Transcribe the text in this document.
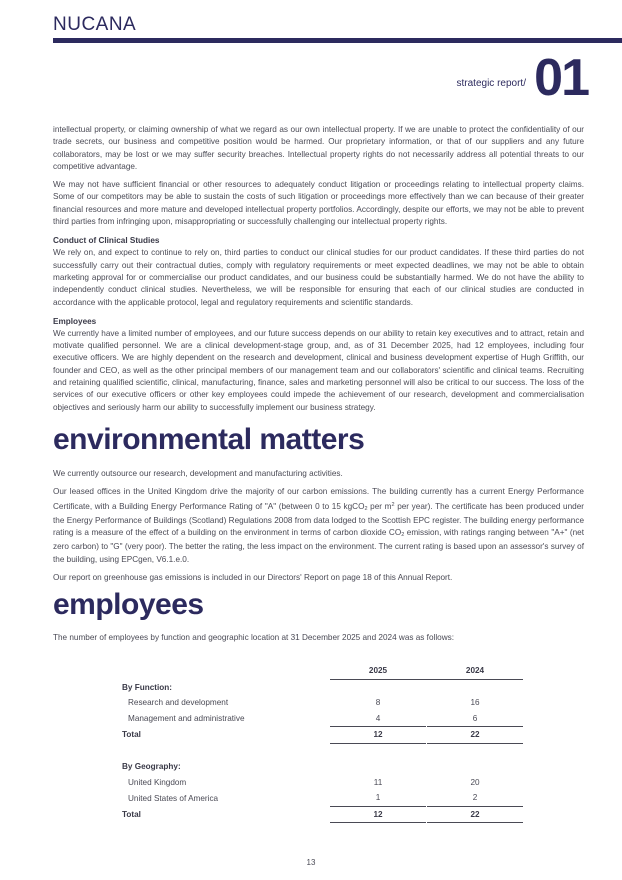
NUCANA
strategic report/ 01

intellectual property, or claiming ownership of what we regard as our own intellectual property. If we are unable to protect the confidentiality of our trade secrets, our business and competitive position would be harmed. Our proprietary information, or that of our suppliers and any future collaborators, may be lost or we may suffer security breaches. Intellectual property rights do not necessarily address all potential threats to our competitive advantage.

We may not have sufficient financial or other resources to adequately conduct litigation or proceedings relating to intellectual property claims. Some of our competitors may be able to sustain the costs of such litigation or proceedings more effectively than we can because of their greater financial resources and more mature and developed intellectual property portfolios. Accordingly, despite our efforts, we may not be able to prevent third parties from infringing upon, misappropriating or successfully challenging our intellectual property rights.

Conduct of Clinical Studies

We rely on, and expect to continue to rely on, third parties to conduct our clinical studies for our product candidates. If these third parties do not successfully carry out their contractual duties, comply with regulatory requirements or meet expected deadlines, we may not be able to obtain marketing approval for or commercialise our product candidates, and our business could be substantially harmed. We do not have the ability to independently conduct clinical studies. Nevertheless, we will be responsible for ensuring that each of our clinical studies are conducted in accordance with the applicable protocol, legal and regulatory requirements and scientific standards.

Employees

We currently have a limited number of employees, and our future success depends on our ability to retain key executives and to attract, retain and motivate qualified personnel. We are a clinical development-stage group, and, as of 31 December 2025, had 12 employees, including four executive officers. We are highly dependent on the research and development, clinical and business development expertise of Hugh Griffith, our founder and CEO, as well as the other principal members of our management team and our collaborators' scientific and clinical teams. Recruiting and retaining qualified scientific, clinical, manufacturing, finance, sales and marketing personnel will also be critical to our success. The loss of the services of our executive officers or other key employees could impede the achievement of our research, development and commercialisation objectives and seriously harm our ability to successfully implement our business strategy.

environmental matters

We currently outsource our research, development and manufacturing activities.

Our leased offices in the United Kingdom drive the majority of our carbon emissions. The building currently has a current Energy Performance Certificate, with a Building Energy Performance Rating of "A" (between 0 to 15 kgCO$_2$ per $m^2$ per year). The certificate has been produced under the Energy Performance of Buildings (Scotland) Regulations 2008 from data lodged to the Scottish EPC register. The building energy performance rating is a measure of the effect of a building on the environment in terms of carbon dioxide $CO_2$ emission, with ratings ranging between "A+" (net zero carbon) to "G" (very poor). The better the rating, the less impact on the environment. The current rating is based upon an assessor's survey of the building, using EPCgen, V6.1.e.0.

Our report on greenhouse gas emissions is included in our Directors' Report on page 18 of this Annual Report.

employees

The number of employees by function and geographic location at 31 December 2025 and 2024 was as follows:

	2025		2024
By Function:			
Research and development	8		16
Management and administrative	4		6
Total	12		22

By Geography:			
United Kingdom	11		20
United States of America	1		2
Total	12		22
13
